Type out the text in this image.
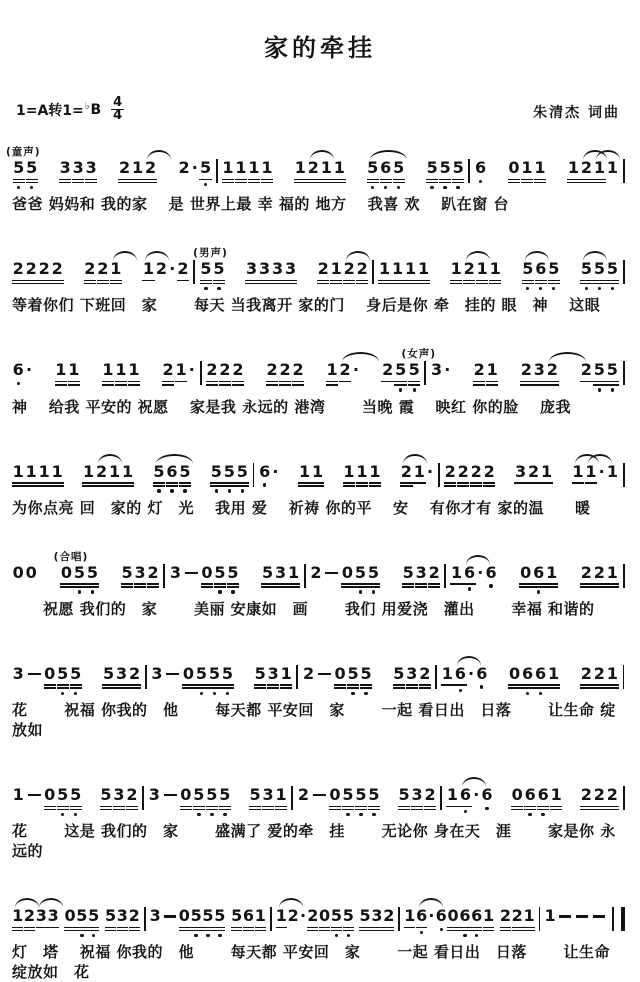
家的牵挂
1=A转1=♭ B $\frac{4}{4}$	朱清杰 词曲
(童声)
5 5 3 3 3 2 1 2 2 · 5 1 1 1 1 1 2 1 1 5 6 5 5 5 5 6 0 1 1 1 2 1 1
爸爸 妈妈和 我的家　 是 世界上最 幸 福的 地方　 我喜 欢　 趴在窗 台
2 2 2 2 2 2 1 1 2 · 2
(男声)
5 5 3 3 3 3 2 1 2 2 1 1 1 1 1 2 1 1 5 6 5 5 5 5
等着你们 下班回　家　　 每天 当我离开 家的门　 身后是你 牵　挂的 眼　神　 这眼
6 · 1 1 1 1 1 2 1 · 2 2 2 2 2 2 1 2 · 2 5
(女声)
5 3 · 2 1 2 3 2 2 5 5
神　 给我 平安的 祝愿　 家是我 永远的 港湾　　 当晚 霞　 映红 你的脸　 庞我
1 1 1 1 1 2 1 1 5 6 5 5 5 5 6 · 1 1 1 1 1 2 1 · 2 2 2 2 3 2 1 1 1 · 1
为你点亮 回　家的 灯　光　 我用 爱　 祈祷 你的平　 安　 有你才有 家的温　　暖
0 0
(合唱)
0 5 5 5 3 2 3 0 5 5 5 3 1 2 0 5 5 5 3 2 1 6 · 6 0 6 1 2 2 1
　　祝愿 我们的　家　　 美丽 安康如　画　　 我们 用爱浇　灌出　　 幸福 和谐的
3 0 5 5 5 3 2 3 0 5 5 5 5 3 1 2 0 5 5 5 3 2 1 6 · 6 0 6 6 1 2 2 1
花　　 祝福 你我的　他　　 每天都 平安回　家　　 一起 看日出　日落　　 让生命 绽放如
1 0 5 5 5 3 2 3 0 5 5 5 5 3 1 2 0 5 5 5 5 3 2 1 6 · 6 0 6 6 1 2 2 2
花　　 这是 我们的　家　　 盛满了 爱的牵　挂　　 无论你 身在天　涯　　 家是你 永远的
1 2 3 3 0 5 5 5 3 2 3 0 5 5 5 5 6 1 1 2 · 2 0 5 5 5 3 2 1 6 · 6 0 6 6 1 2 2 1 1
灯　塔　 祝福 你我的　他　　 每天都 平安回　家　　 一起 看日出　日落　　 让生命 绽放如　花
